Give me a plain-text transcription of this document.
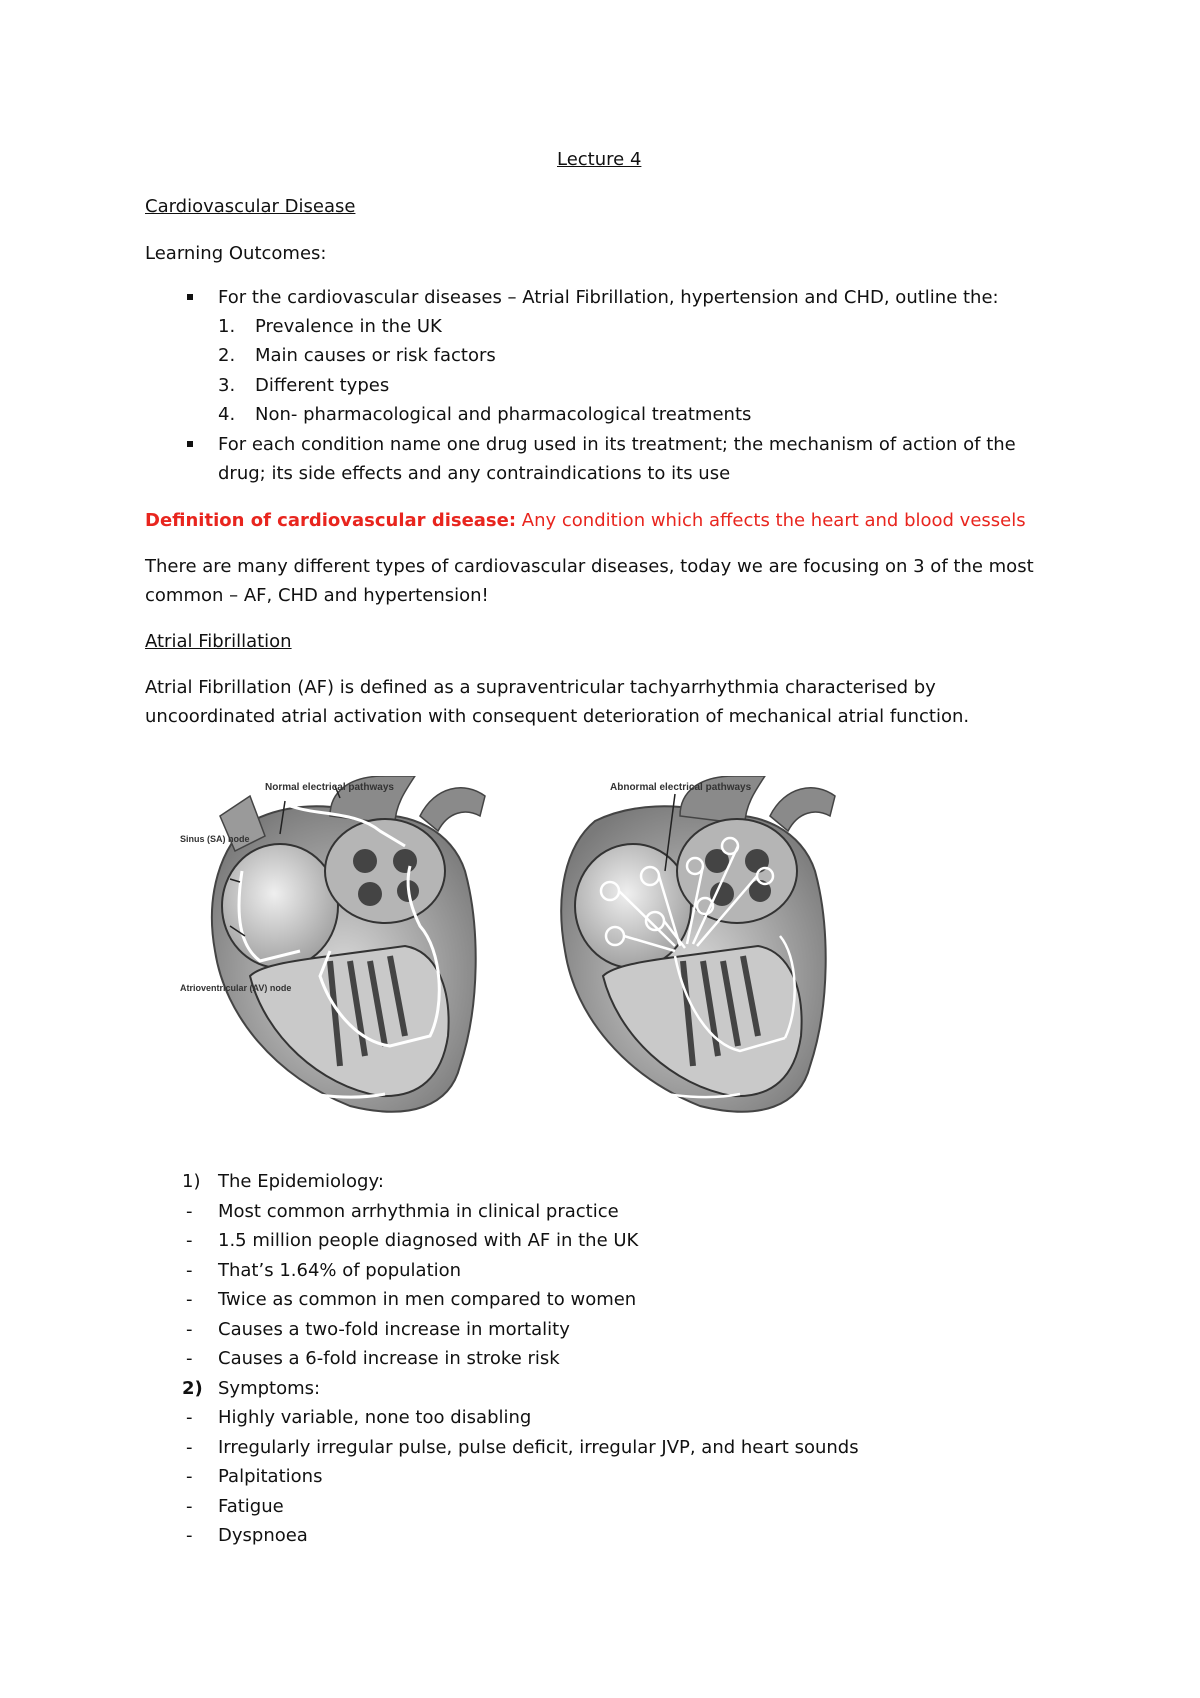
Lecture 4
Cardiovascular Disease
Learning Outcomes:
For the cardiovascular diseases – Atrial Fibrillation, hypertension and CHD, outline the:
1. Prevalence in the UK
2. Main causes or risk factors
3. Different types
4. Non- pharmacological and pharmacological treatments
For each condition name one drug used in its treatment; the mechanism of action of the
drug; its side effects and any contraindications to its use
Definition of cardiovascular disease: Any condition which affects the heart and blood vessels
There are many different types of cardiovascular diseases, today we are focusing on 3 of the most
common – AF, CHD and hypertension!
Atrial Fibrillation
Atrial Fibrillation (AF) is defined as a supraventricular tachyarrhythmia characterised by
uncoordinated atrial activation with consequent deterioration of mechanical atrial function.
Normal electrical pathways
Sinus (SA) node
Atrioventricular (AV) node
Abnormal electrical pathways
1) The Epidemiology:
- Most common arrhythmia in clinical practice
- 1.5 million people diagnosed with AF in the UK
- That’s 1.64% of population
- Twice as common in men compared to women
- Causes a two-fold increase in mortality
- Causes a 6-fold increase in stroke risk
2) Symptoms:
- Highly variable, none too disabling
- Irregularly irregular pulse, pulse deficit, irregular JVP, and heart sounds
- Palpitations
- Fatigue
- Dyspnoea
